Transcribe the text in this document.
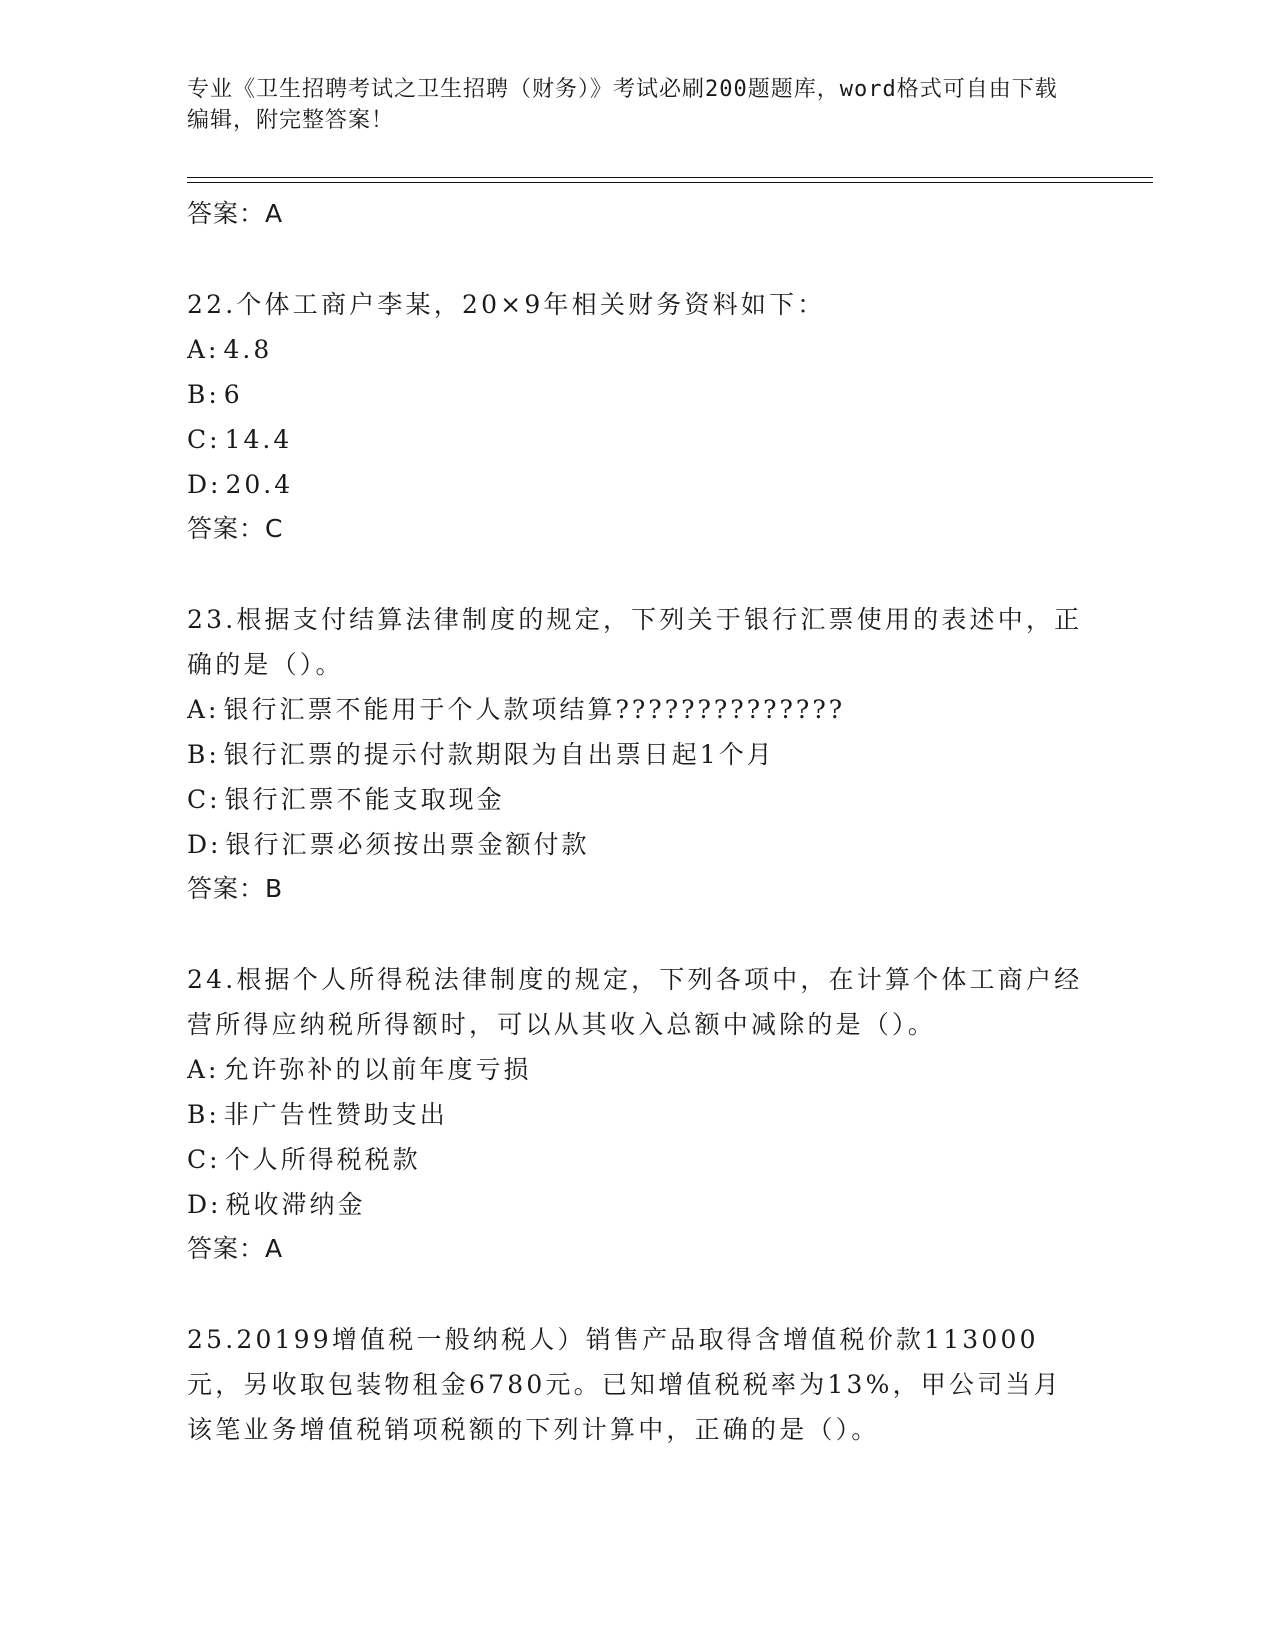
专业《卫生招聘考试之卫生招聘（财务）》考试必刷200题题库，word格式可自由下载编辑，附完整答案！
答案：A
22.个体工商户李某，20×9年相关财务资料如下：
A: 4.8
B: 6
C: 14.4
D: 20.4
答案：C
23.根据支付结算法律制度的规定，下列关于银行汇票使用的表述中，正确的是（）。
A: 银行汇票不能用于个人款项结算??????????????
B: 银行汇票的提示付款期限为自出票日起1个月
C: 银行汇票不能支取现金
D: 银行汇票必须按出票金额付款
答案：B
24.根据个人所得税法律制度的规定，下列各项中，在计算个体工商户经营所得应纳税所得额时，可以从其收入总额中减除的是（）。
A: 允许弥补的以前年度亏损
B: 非广告性赞助支出
C: 个人所得税税款
D: 税收滞纳金
答案：A
25.20199增值税一般纳税人）销售产品取得含增值税价款113000元，另收取包装物租金6780元。已知增值税税率为13%，甲公司当月该笔业务增值税销项税额的下列计算中，正确的是（）。
